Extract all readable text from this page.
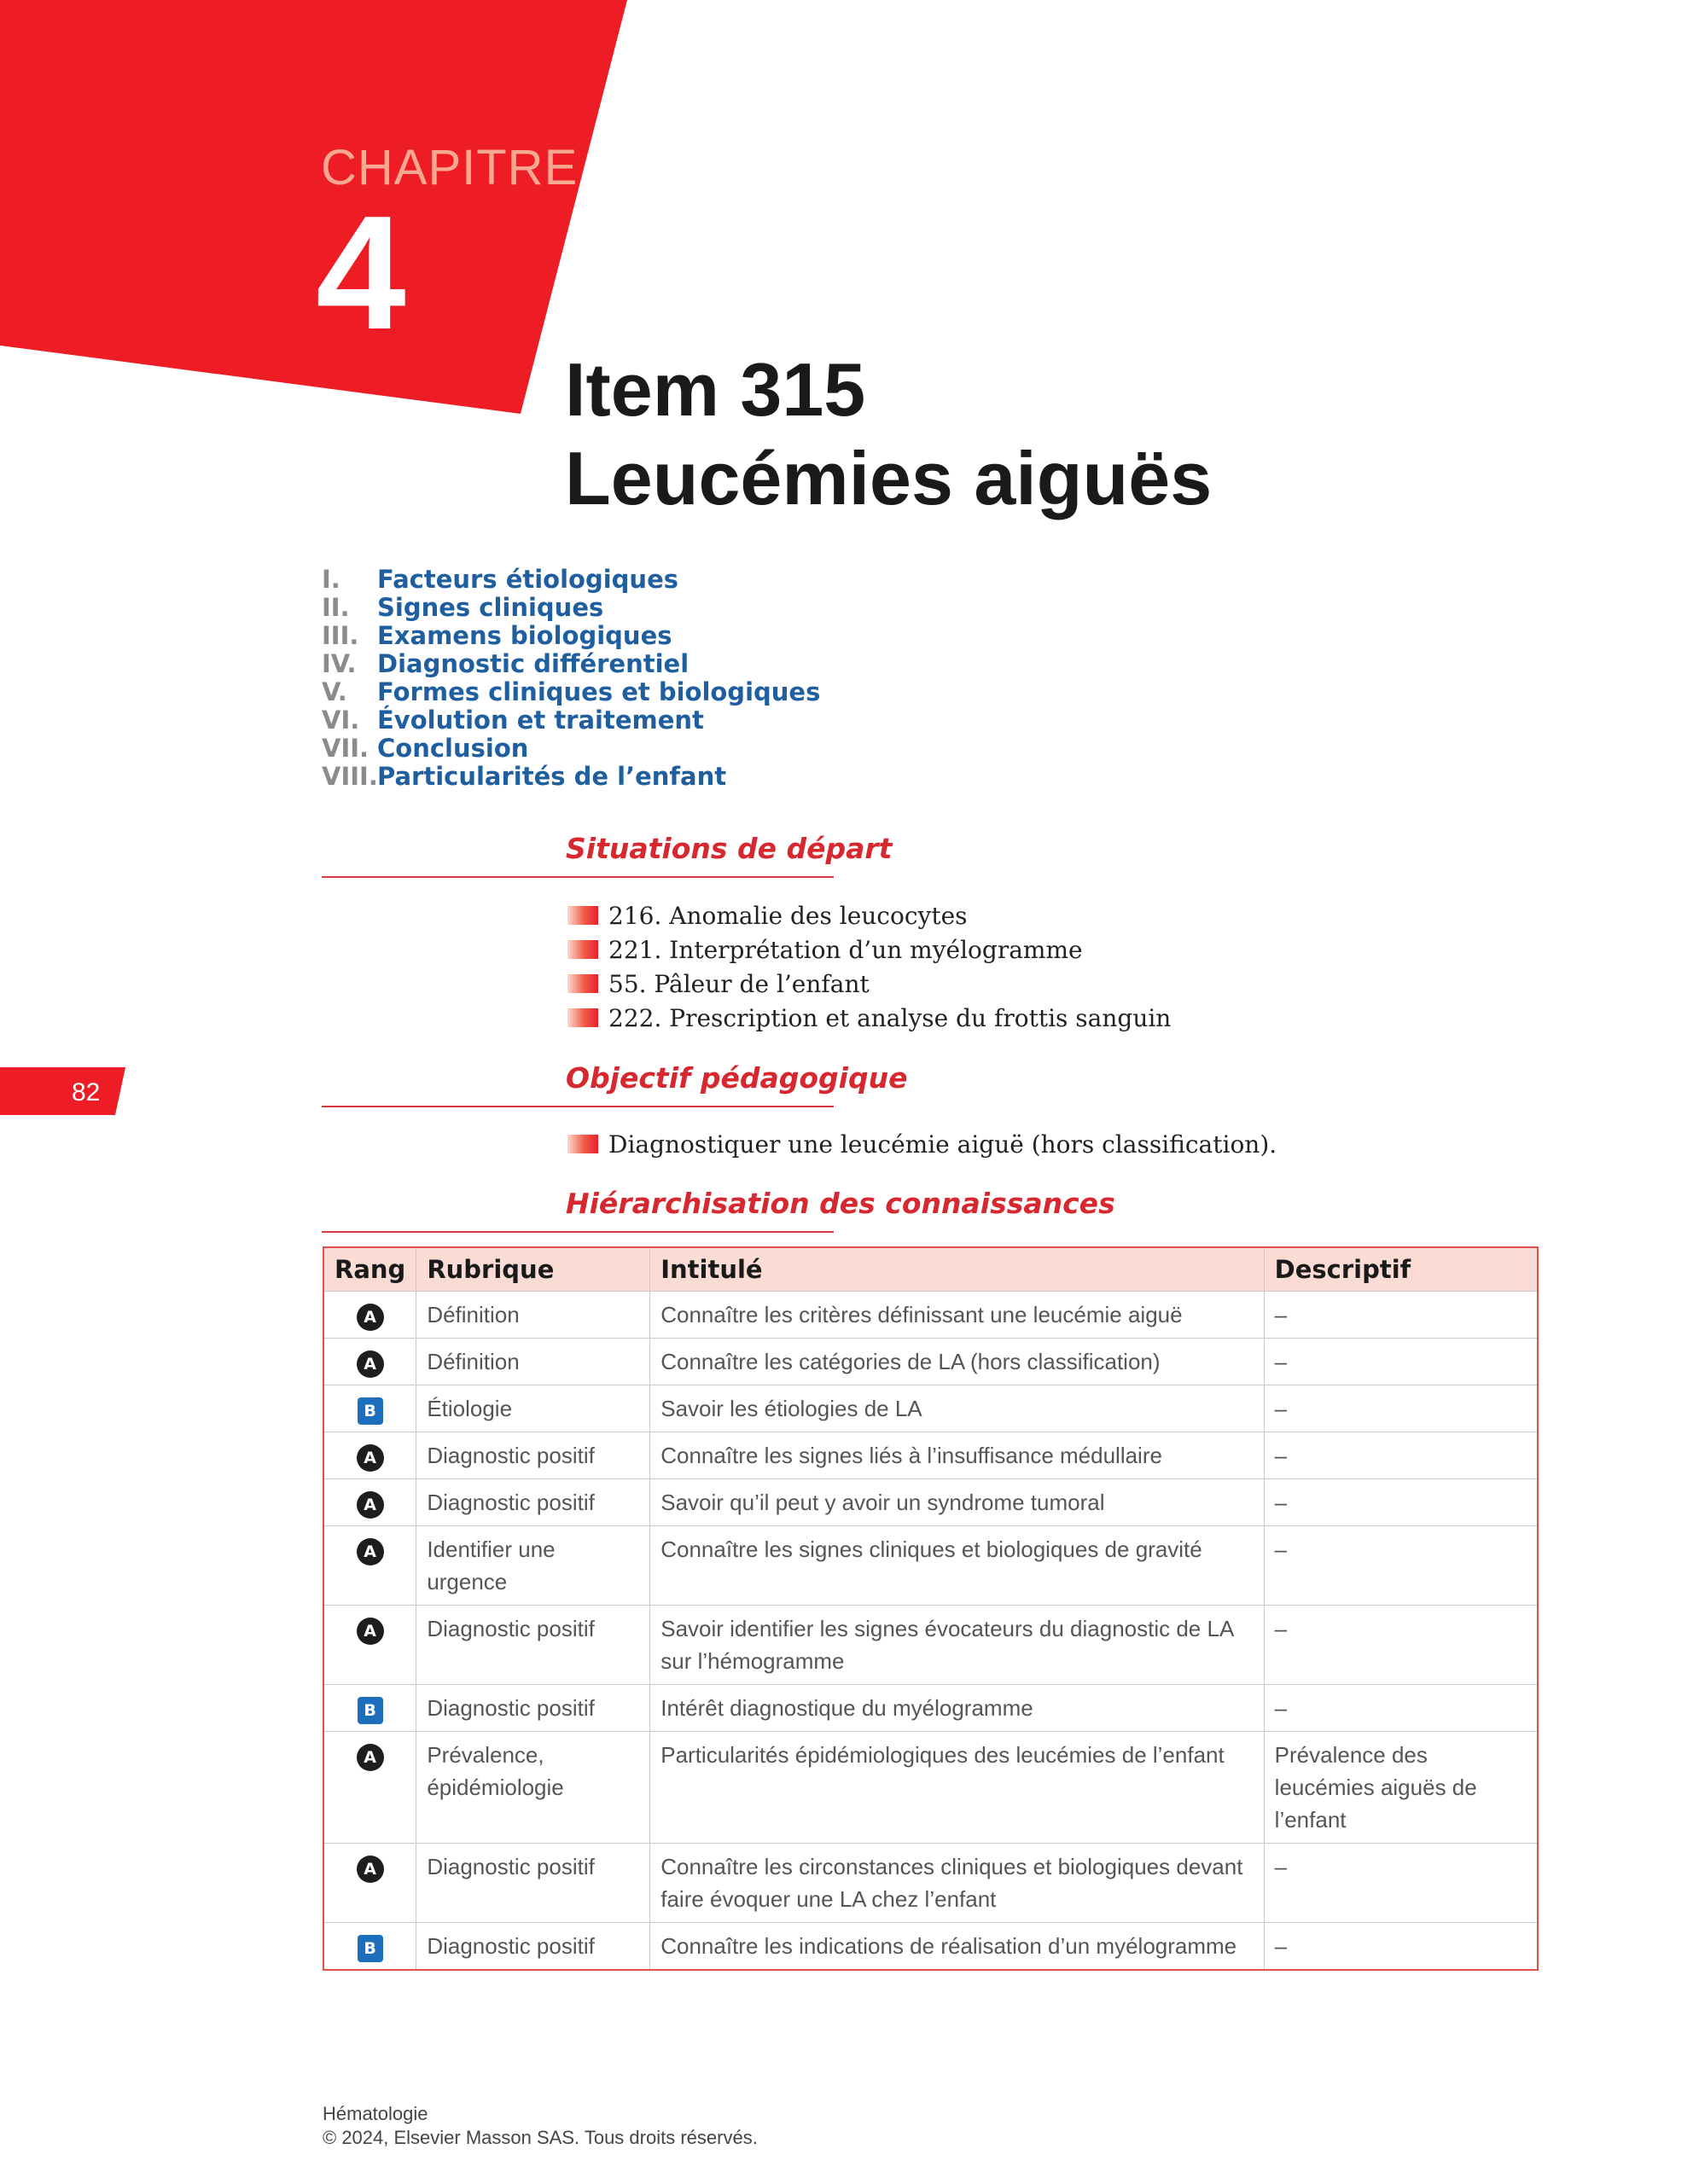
CHAPITRE
4
Item 315
Leucémies aiguës
I.	Facteurs étiologiques
II.	Signes cliniques
III. Examens biologiques
IV. Diagnostic différentiel
V.	Formes cliniques et biologiques
VI. Évolution et traitement
VII. Conclusion
VIII. Particularités de l’enfant
Situations de départ
216. Anomalie des leucocytes
221. Interprétation d’un myélogramme
55. Pâleur de l’enfant
222. Prescription et analyse du frottis sanguin
82	Objectif pédagogique
Diagnostiquer une leucémie aiguë (hors classification).
Hiérarchisation des connaissances
Rang	Rubrique	Intitulé	Descriptif
A	Définition	Connaître les critères définissant une leucémie aiguë	–
A	Définition	Connaître les catégories de LA (hors classification)	–
B	Étiologie	Savoir les étiologies de LA	–
A	Diagnostic positif	Connaître les signes liés à l’insuffisance médullaire	–
A	Diagnostic positif	Savoir qu’il peut y avoir un syndrome tumoral	–
A	Identifier une urgence	Connaître les signes cliniques et biologiques de gravité	–
A	Diagnostic positif	Savoir identifier les signes évocateurs du diagnostic de LA sur l’hémogramme	–
B	Diagnostic positif	Intérêt diagnostique du myélogramme	–
A	Prévalence, épidémiologie	Particularités épidémiologiques des leucémies de l’enfant	Prévalence des leucémies aiguës de l’enfant
A	Diagnostic positif	Connaître les circonstances cliniques et biologiques devant faire évoquer une LA chez l’enfant	–
B	Diagnostic positif	Connaître les indications de réalisation d’un myélogramme	–
Hématologie
© 2024, Elsevier Masson SAS. Tous droits réservés.
